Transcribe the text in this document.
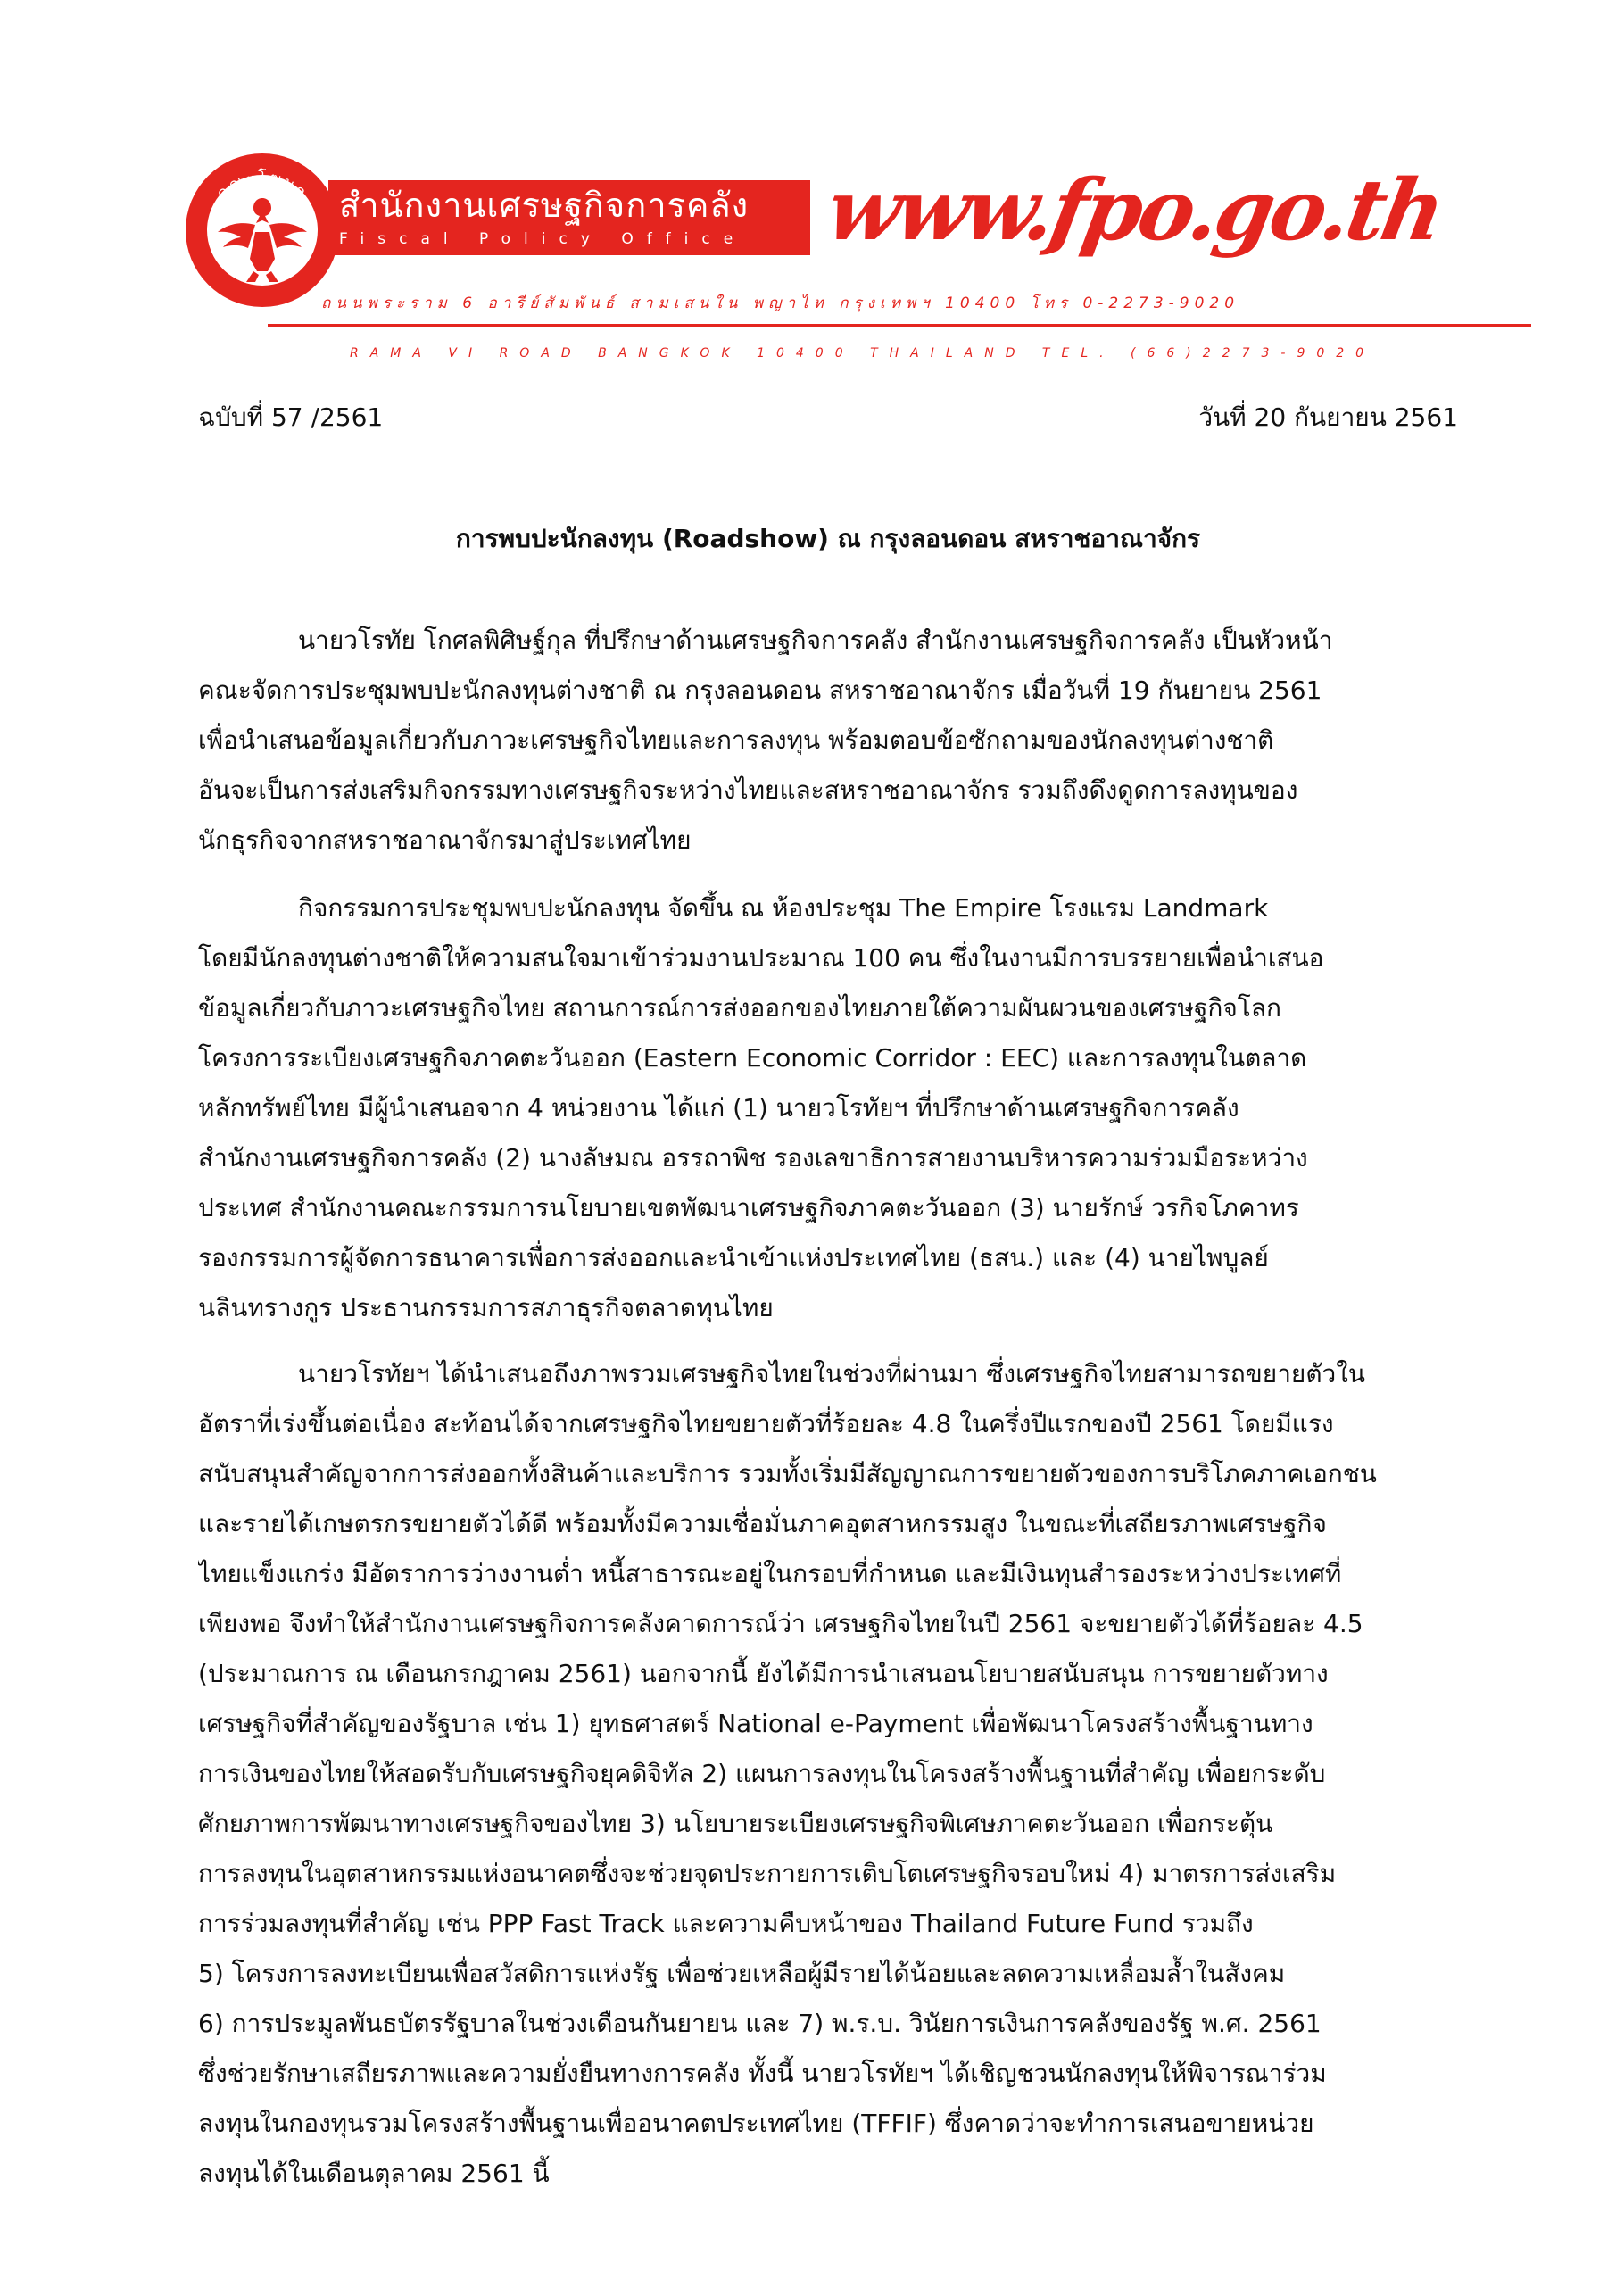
คณะโฆษก สำนักงานเศรษฐกิจการคลัง
Fiscal Policy Office www.fpo.go.th
ถนนพระราม 6 อารีย์สัมพันธ์ สามเสนใน พญาไท กรุงเทพฯ 10400 โทร 0-2273-9020
RAMA VI ROAD BANGKOK 10400 THAILAND TEL. (66)2273-9020
ฉบับที่ 57 /2561	วันที่ 20 กันยายน 2561
การพบปะนักลงทุน (Roadshow) ณ กรุงลอนดอน สหราชอาณาจักร
นายวโรทัย โกศลพิศิษฐ์กุล ที่ปรึกษาด้านเศรษฐกิจการคลัง สำนักงานเศรษฐกิจการคลัง เป็นหัวหน้า
คณะจัดการประชุมพบปะนักลงทุนต่างชาติ ณ กรุงลอนดอน สหราชอาณาจักร เมื่อวันที่ 19 กันยายน 2561
เพื่อนำเสนอข้อมูลเกี่ยวกับภาวะเศรษฐกิจไทยและการลงทุน พร้อมตอบข้อซักถามของนักลงทุนต่างชาติ
อันจะเป็นการส่งเสริมกิจกรรมทางเศรษฐกิจระหว่างไทยและสหราชอาณาจักร รวมถึงดึงดูดการลงทุนของ
นักธุรกิจจากสหราชอาณาจักรมาสู่ประเทศไทย
กิจกรรมการประชุมพบปะนักลงทุน จัดขึ้น ณ ห้องประชุม The Empire โรงแรม Landmark
โดยมีนักลงทุนต่างชาติให้ความสนใจมาเข้าร่วมงานประมาณ 100 คน ซึ่งในงานมีการบรรยายเพื่อนำเสนอ
ข้อมูลเกี่ยวกับภาวะเศรษฐกิจไทย สถานการณ์การส่งออกของไทยภายใต้ความผันผวนของเศรษฐกิจโลก
โครงการระเบียงเศรษฐกิจภาคตะวันออก (Eastern Economic Corridor : EEC) และการลงทุนในตลาด
หลักทรัพย์ไทย มีผู้นำเสนอจาก 4 หน่วยงาน ได้แก่ (1) นายวโรทัยฯ ที่ปรึกษาด้านเศรษฐกิจการคลัง
สำนักงานเศรษฐกิจการคลัง (2) นางลัษมณ อรรถาพิช รองเลขาธิการสายงานบริหารความร่วมมือระหว่าง
ประเทศ สำนักงานคณะกรรมการนโยบายเขตพัฒนาเศรษฐกิจภาคตะวันออก (3) นายรักษ์ วรกิจโภคาทร
รองกรรมการผู้จัดการธนาคารเพื่อการส่งออกและนำเข้าแห่งประเทศไทย (ธสน.) และ (4) นายไพบูลย์
นลินทรางกูร ประธานกรรมการสภาธุรกิจตลาดทุนไทย
นายวโรทัยฯ ได้นำเสนอถึงภาพรวมเศรษฐกิจไทยในช่วงที่ผ่านมา ซึ่งเศรษฐกิจไทยสามารถขยายตัวใน
อัตราที่เร่งขึ้นต่อเนื่อง สะท้อนได้จากเศรษฐกิจไทยขยายตัวที่ร้อยละ 4.8 ในครึ่งปีแรกของปี 2561 โดยมีแรง
สนับสนุนสำคัญจากการส่งออกทั้งสินค้าและบริการ รวมทั้งเริ่มมีสัญญาณการขยายตัวของการบริโภคภาคเอกชน
และรายได้เกษตรกรขยายตัวได้ดี พร้อมทั้งมีความเชื่อมั่นภาคอุตสาหกรรมสูง ในขณะที่เสถียรภาพเศรษฐกิจ
ไทยแข็งแกร่ง มีอัตราการว่างงานต่ำ หนี้สาธารณะอยู่ในกรอบที่กำหนด และมีเงินทุนสำรองระหว่างประเทศที่
เพียงพอ จึงทำให้สำนักงานเศรษฐกิจการคลังคาดการณ์ว่า เศรษฐกิจไทยในปี 2561 จะขยายตัวได้ที่ร้อยละ 4.5
(ประมาณการ ณ เดือนกรกฎาคม 2561) นอกจากนี้ ยังได้มีการนำเสนอนโยบายสนับสนุน การขยายตัวทาง
เศรษฐกิจที่สำคัญของรัฐบาล เช่น 1) ยุทธศาสตร์ National e-Payment เพื่อพัฒนาโครงสร้างพื้นฐานทาง
การเงินของไทยให้สอดรับกับเศรษฐกิจยุคดิจิทัล 2) แผนการลงทุนในโครงสร้างพื้นฐานที่สำคัญ เพื่อยกระดับ
ศักยภาพการพัฒนาทางเศรษฐกิจของไทย 3) นโยบายระเบียงเศรษฐกิจพิเศษภาคตะวันออก เพื่อกระตุ้น
การลงทุนในอุตสาหกรรมแห่งอนาคตซึ่งจะช่วยจุดประกายการเติบโตเศรษฐกิจรอบใหม่ 4) มาตรการส่งเสริม
การร่วมลงทุนที่สำคัญ เช่น PPP Fast Track และความคืบหน้าของ Thailand Future Fund รวมถึง
5) โครงการลงทะเบียนเพื่อสวัสดิการแห่งรัฐ เพื่อช่วยเหลือผู้มีรายได้น้อยและลดความเหลื่อมล้ำในสังคม
6) การประมูลพันธบัตรรัฐบาลในช่วงเดือนกันยายน และ 7) พ.ร.บ. วินัยการเงินการคลังของรัฐ พ.ศ. 2561
ซึ่งช่วยรักษาเสถียรภาพและความยั่งยืนทางการคลัง ทั้งนี้ นายวโรทัยฯ ได้เชิญชวนนักลงทุนให้พิจารณาร่วม
ลงทุนในกองทุนรวมโครงสร้างพื้นฐานเพื่ออนาคตประเทศไทย (TFFIF) ซึ่งคาดว่าจะทำการเสนอขายหน่วย
ลงทุนได้ในเดือนตุลาคม 2561 นี้
